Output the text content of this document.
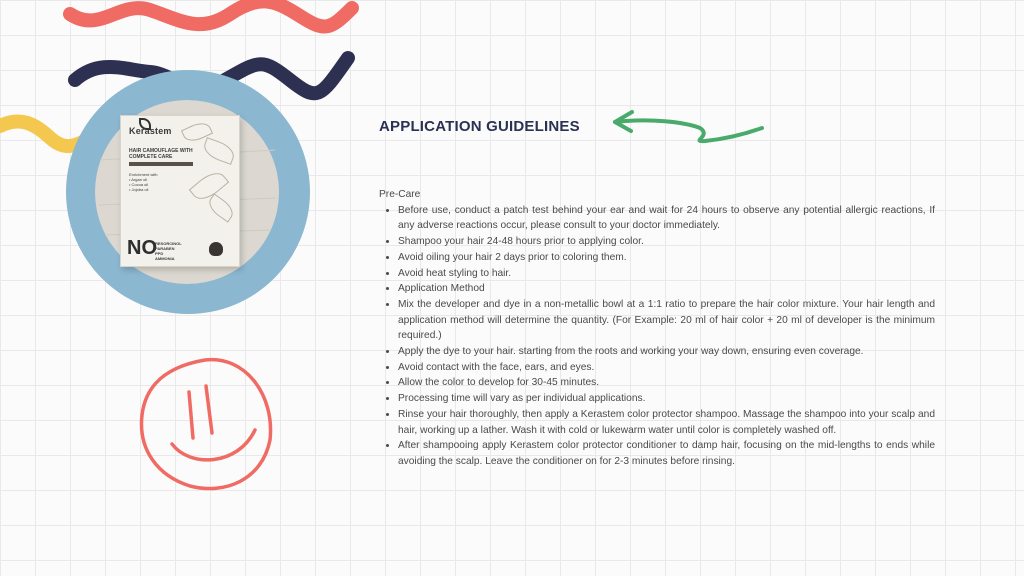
Kerastem
HAIR CAMOUFLAGE WITH COMPLETE CARE
Enrichment with
• Argan oil
• Cocoa oil
• Jojoba oil
NO
RESORCINOL
PARABEN
PPD
AMMONIA
APPLICATION GUIDELINES

Pre-Care

• Before use, conduct a patch test behind your ear and wait for 24 hours to observe any potential allergic reactions, If any adverse reactions occur, please consult to your doctor immediately.
• Shampoo your hair 24-48 hours prior to applying color.
• Avoid oiling your hair 2 days prior to coloring them.
• Avoid heat styling to hair.
• Application Method
• Mix the developer and dye in a non-metallic bowl at a 1:1 ratio to prepare the hair color mixture. Your hair length and application method will determine the quantity. (For Example: 20 ml of hair color + 20 ml of developer is the minimum required.)
• Apply the dye to your hair. starting from the roots and working your way down, ensuring even coverage.
• Avoid contact with the face, ears, and eyes.
• Allow the color to develop for 30-45 minutes.
• Processing time will vary as per individual applications.
• Rinse your hair thoroughly, then apply a Kerastem color protector shampoo. Massage the shampoo into your scalp and hair, working up a lather. Wash it with cold or lukewarm water until color is completely washed off.
• After shampooing apply Kerastem color protector conditioner to damp hair, focusing on the mid-lengths to ends while avoiding the scalp. Leave the conditioner on for 2-3 minutes before rinsing.
